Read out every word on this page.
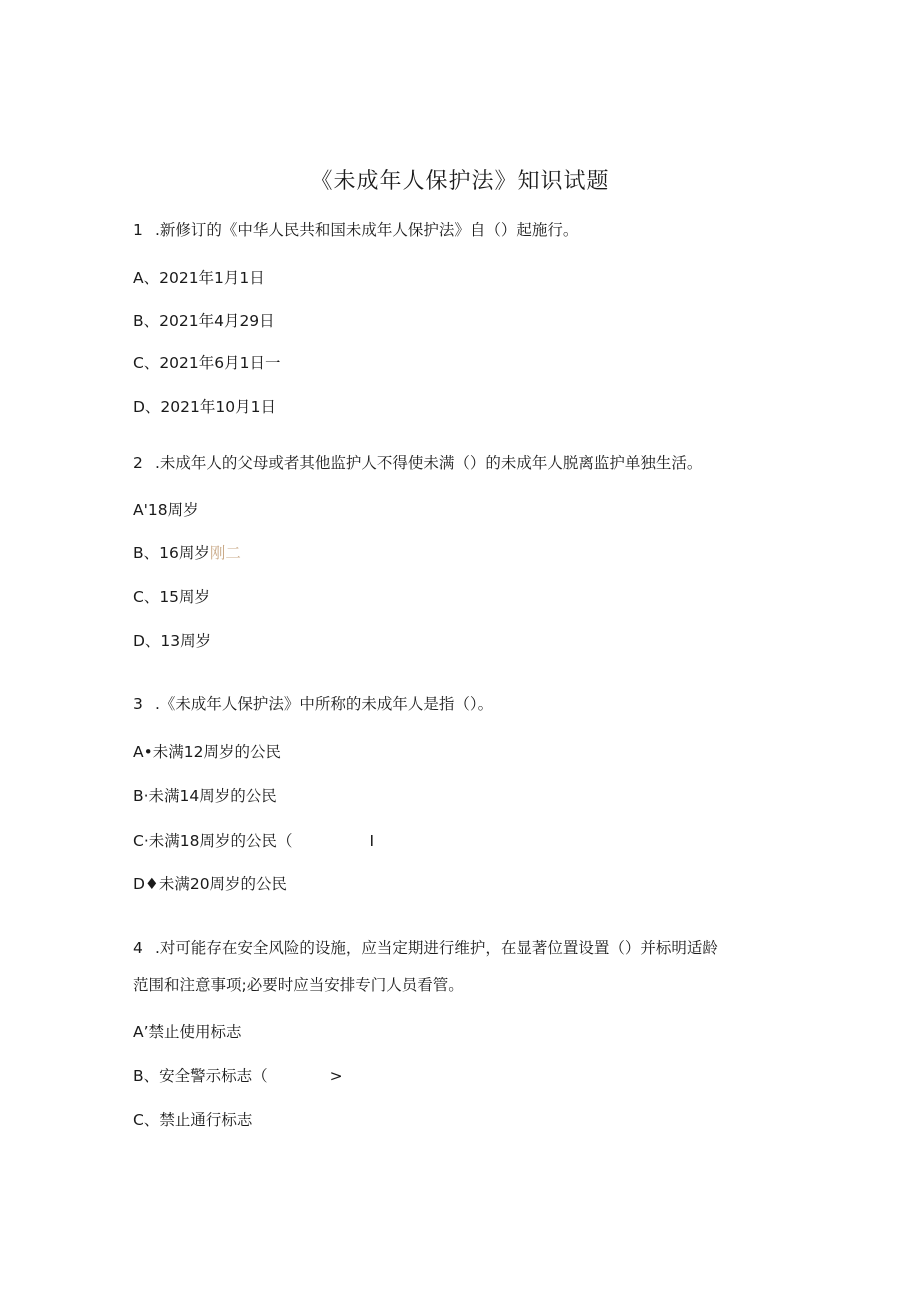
《未成年人保护法》知识试题
1 .新修订的《中华人民共和国未成年人保护法》自（）起施行。
A、2021年1月1日
B、2021年4月29日
C、2021年6月1日一
D、2021年10月1日
2 .未成年人的父母或者其他监护人不得使未满（）的未成年人脱离监护单独生活。
A'18周岁
B、16周岁刚二
C、15周岁
D、13周岁
3 .《未成年人保护法》中所称的未成年人是指（）。
A•未满12周岁的公民
B·未满14周岁的公民
C·未满18周岁的公民（	I
D♦未满20周岁的公民
4 .对可能存在安全风险的设施，应当定期进行维护，在显著位置设置（）并标明适龄
范围和注意事项;必要时应当安排专门人员看管。
A’禁止使用标志
B、安全警示标志（	>
C、禁止通行标志
